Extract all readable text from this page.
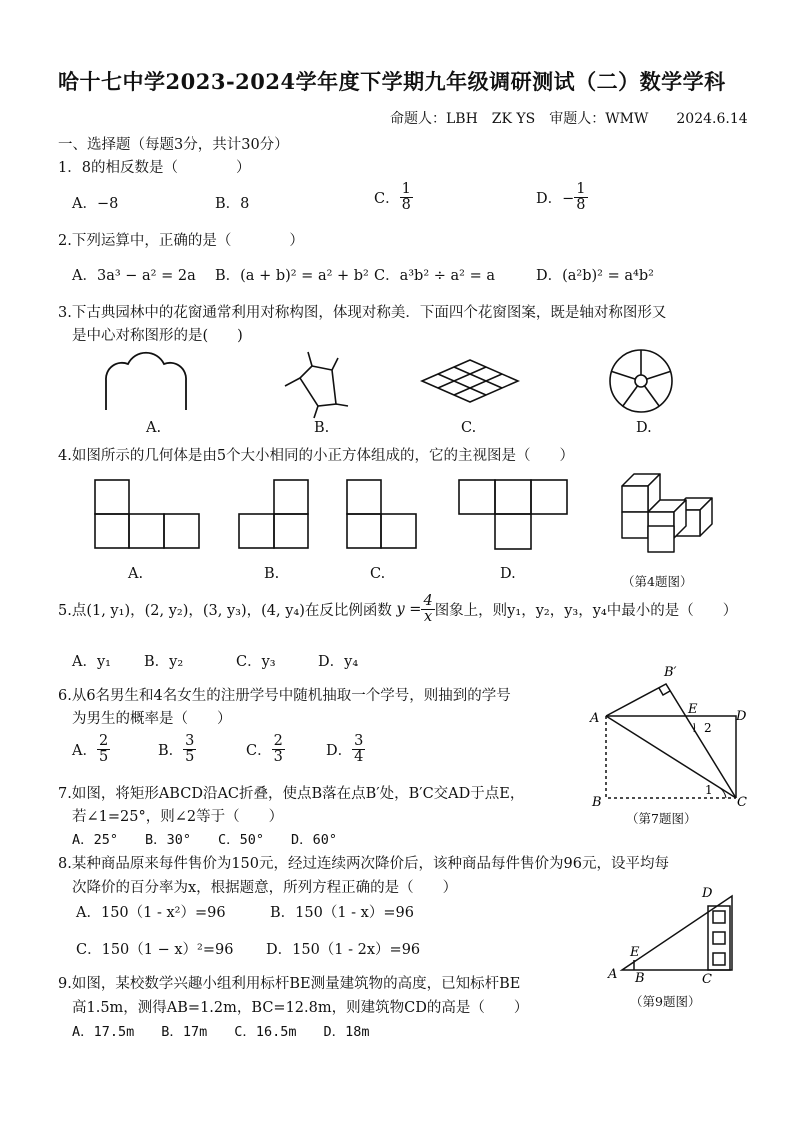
哈十七中学2023-2024学年度下学期九年级调研测试（二）数学学科
命题人：LBH　ZK YS　审题人：WMW　　2024.6.14
一、选择题（每题3分，共计30分）
1．8的相反数是（　　　　）
A．−8	B．8	C． $\frac{1}{8}$	D．− $\frac{1}{8}$
2.下列运算中，正确的是（　　　　）
A．3a³ − a² = 2a B．(a + b)² = a² + b² C．a³b² ÷ a² = a	D．(a²b)² = a⁴b²
3.下古典园林中的花窗通常利用对称构图，体现对称美．下面四个花窗图案，既是轴对称图形又
是中心对称图形的是(　　)
A.	B.	C.	D.
4.如图所示的几何体是由5个大小相同的小正方体组成的，它的主视图是（　　）
A.	B.	C.	D.	（第4题图）
5.点(1, y₁)，(2, y₂)，(3, y₃)，(4, y₄)在反比例函数 $y = \frac{4}{x}$ 图象上，则y₁，y₂，y₃，y₄中最小的是（　　）
A．y₁ B．y₂	C．y₃	D．y₄
6.从6名男生和4名女生的注册学号中随机抽取一个学号，则抽到的学号
为男生的概率是（　　）
A． $\frac{2}{5}$	B． $\frac{3}{5}$	C． $\frac{2}{3}$	D． $\frac{3}{4}$
A
B′
E	D
B	C
1
2
（第7题图）
7.如图，将矩形ABCD沿AC折叠，使点B落在点B′处，B′C交AD于点E，
若∠1=25°，则∠2等于（　　）
A．25°　　B．30°　　C．50°　　D．60°
8.某种商品原来每件售价为150元，经过连续两次降价后，该种商品每件售价为96元，设平均每
次降价的百分率为x，根据题意，所列方程正确的是（　　）
A．150（1 - x²）=96	B．150（1 - x）=96
C．150（1 − x）²=96 D．150（1 - 2x）=96
D
E
A B	C
（第9题图）
9.如图，某校数学兴趣小组利用标杆BE测量建筑物的高度，已知标杆BE
高1.5m，测得AB=1.2m，BC=12.8m，则建筑物CD的高是（　　）
A．17.5m　　B．17m　　C．16.5m　　D．18m
